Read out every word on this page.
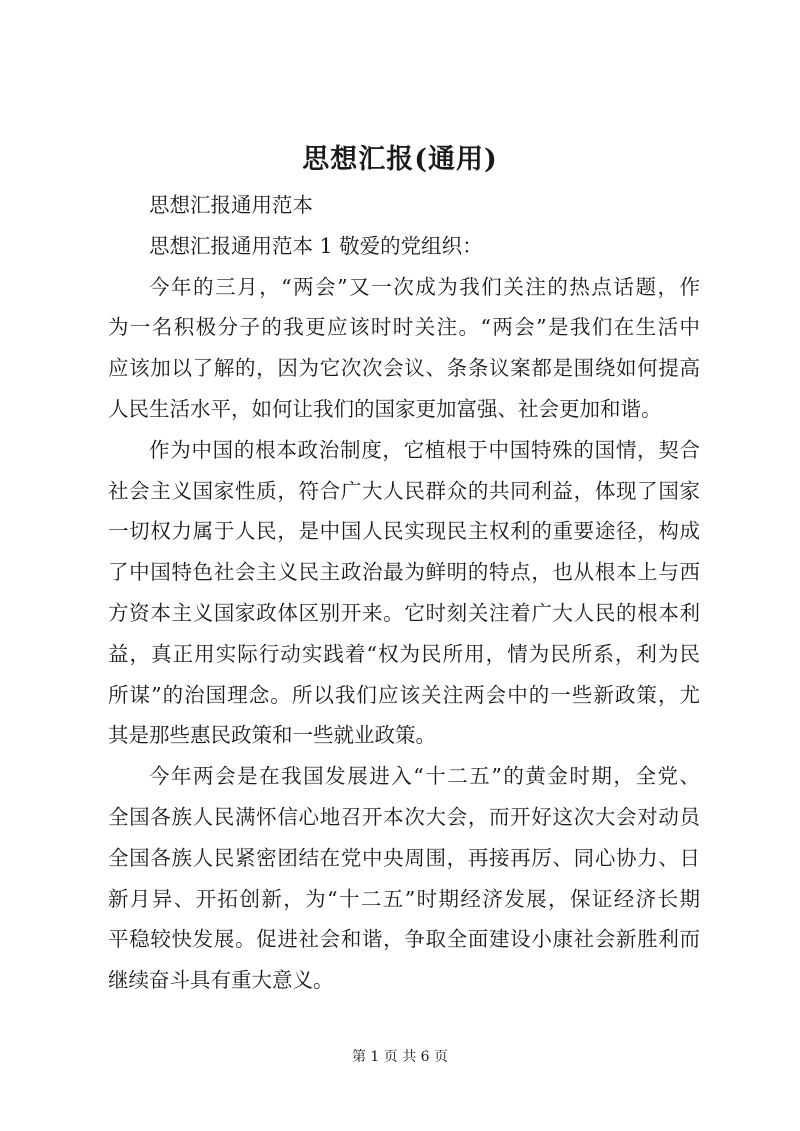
思想汇报(通用)
思想汇报通用范本
思想汇报通用范本 1 敬爱的党组织：
今年的三月，“两会”又一次成为我们关注的热点话题，作
为一名积极分子的我更应该时时关注。“两会”是我们在生活中
应该加以了解的，因为它次次会议、条条议案都是围绕如何提高
人民生活水平，如何让我们的国家更加富强、社会更加和谐。
作为中国的根本政治制度，它植根于中国特殊的国情，契合
社会主义国家性质，符合广大人民群众的共同利益，体现了国家
一切权力属于人民，是中国人民实现民主权利的重要途径，构成
了中国特色社会主义民主政治最为鲜明的特点，也从根本上与西
方资本主义国家政体区别开来。它时刻关注着广大人民的根本利
益，真正用实际行动实践着“权为民所用，情为民所系，利为民
所谋”的治国理念。所以我们应该关注两会中的一些新政策，尤
其是那些惠民政策和一些就业政策。
今年两会是在我国发展进入“十二五”的黄金时期，全党、
全国各族人民满怀信心地召开本次大会，而开好这次大会对动员
全国各族人民紧密团结在党中央周围，再接再厉、同心协力、日
新月异、开拓创新，为“十二五”时期经济发展，保证经济长期
平稳较快发展。促进社会和谐，争取全面建设小康社会新胜利而
继续奋斗具有重大意义。
第 1 页 共 6 页
